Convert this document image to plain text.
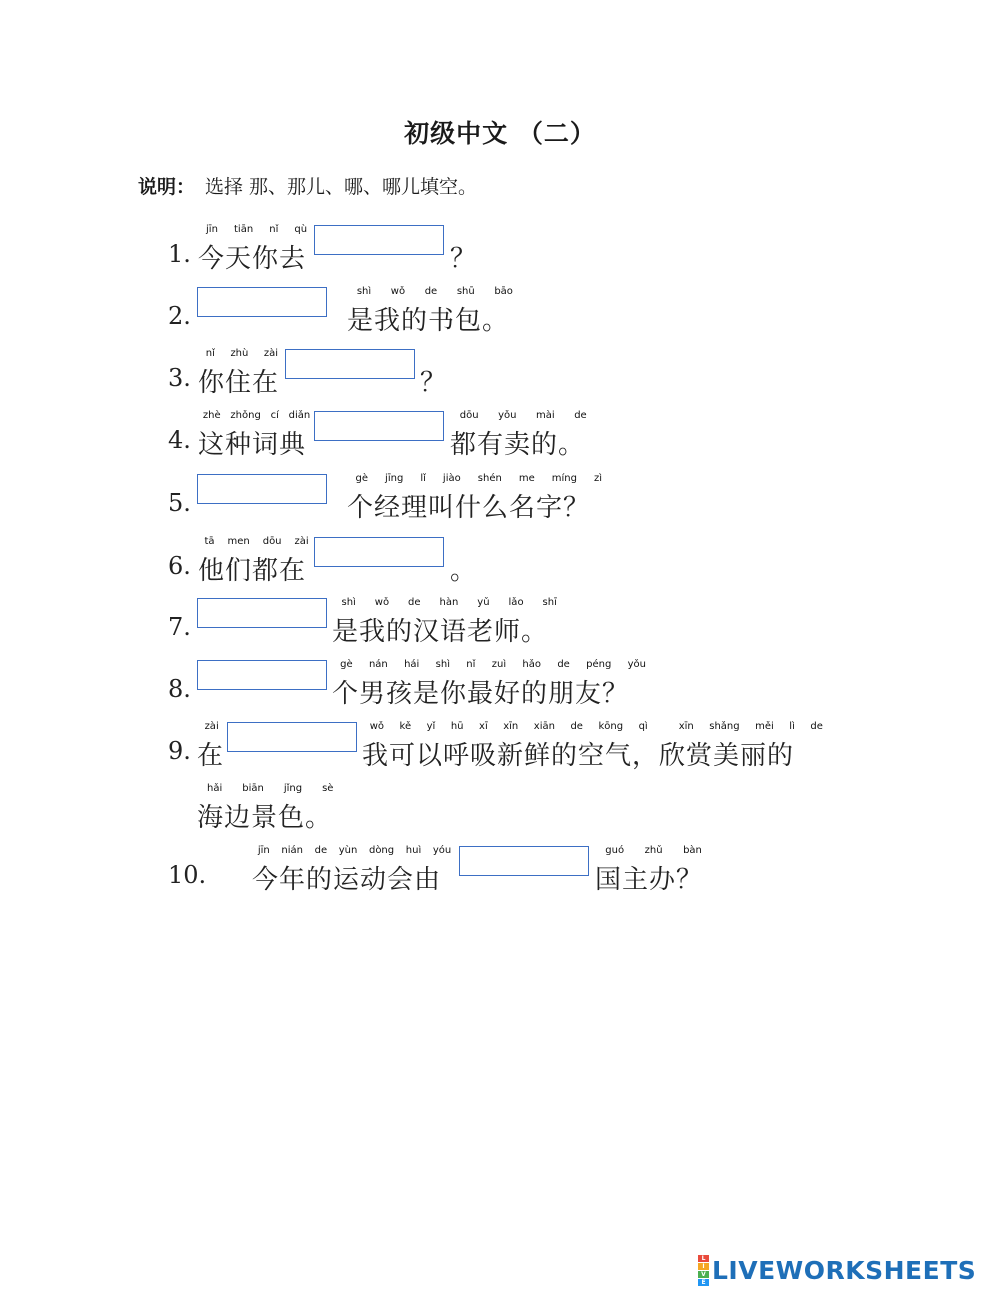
初级中文 （二）
说明： 选择 那、那儿、哪、哪儿填空。
1.
jīn tiān nǐ qù
今天你去	？
2.
shì wǒ de shū bāo
是我的书包。
3.
nǐ zhù zài
你住在	？
4.
zhè zhǒng cí diǎn
这种词典
dōu yǒu mài de
都有卖的。
5.
gè jīng lǐ jiào shén me míng zì
个经理叫什么名字？
6.
tā men dōu zài
他们都在	。
7.
shì wǒ de hàn yǔ lǎo shī
是我的汉语老师。
8.
gè nán hái shì nǐ zuì hǎo de péng yǒu
个男孩是你最好的朋友？
9.
zài
在
wǒ kě yǐ hū xī xīn xiān de kōng qì	xīn shǎng měi lì de
我可以呼吸新鲜的空气，欣赏美丽的
hǎi biān jǐng sè
海边景色。
10.
jīn nián de yùn dòng huì yóu
今年的运动会由
guó zhǔ bàn
国主办？
L
I
V
E LIVEWORKSHEETS
